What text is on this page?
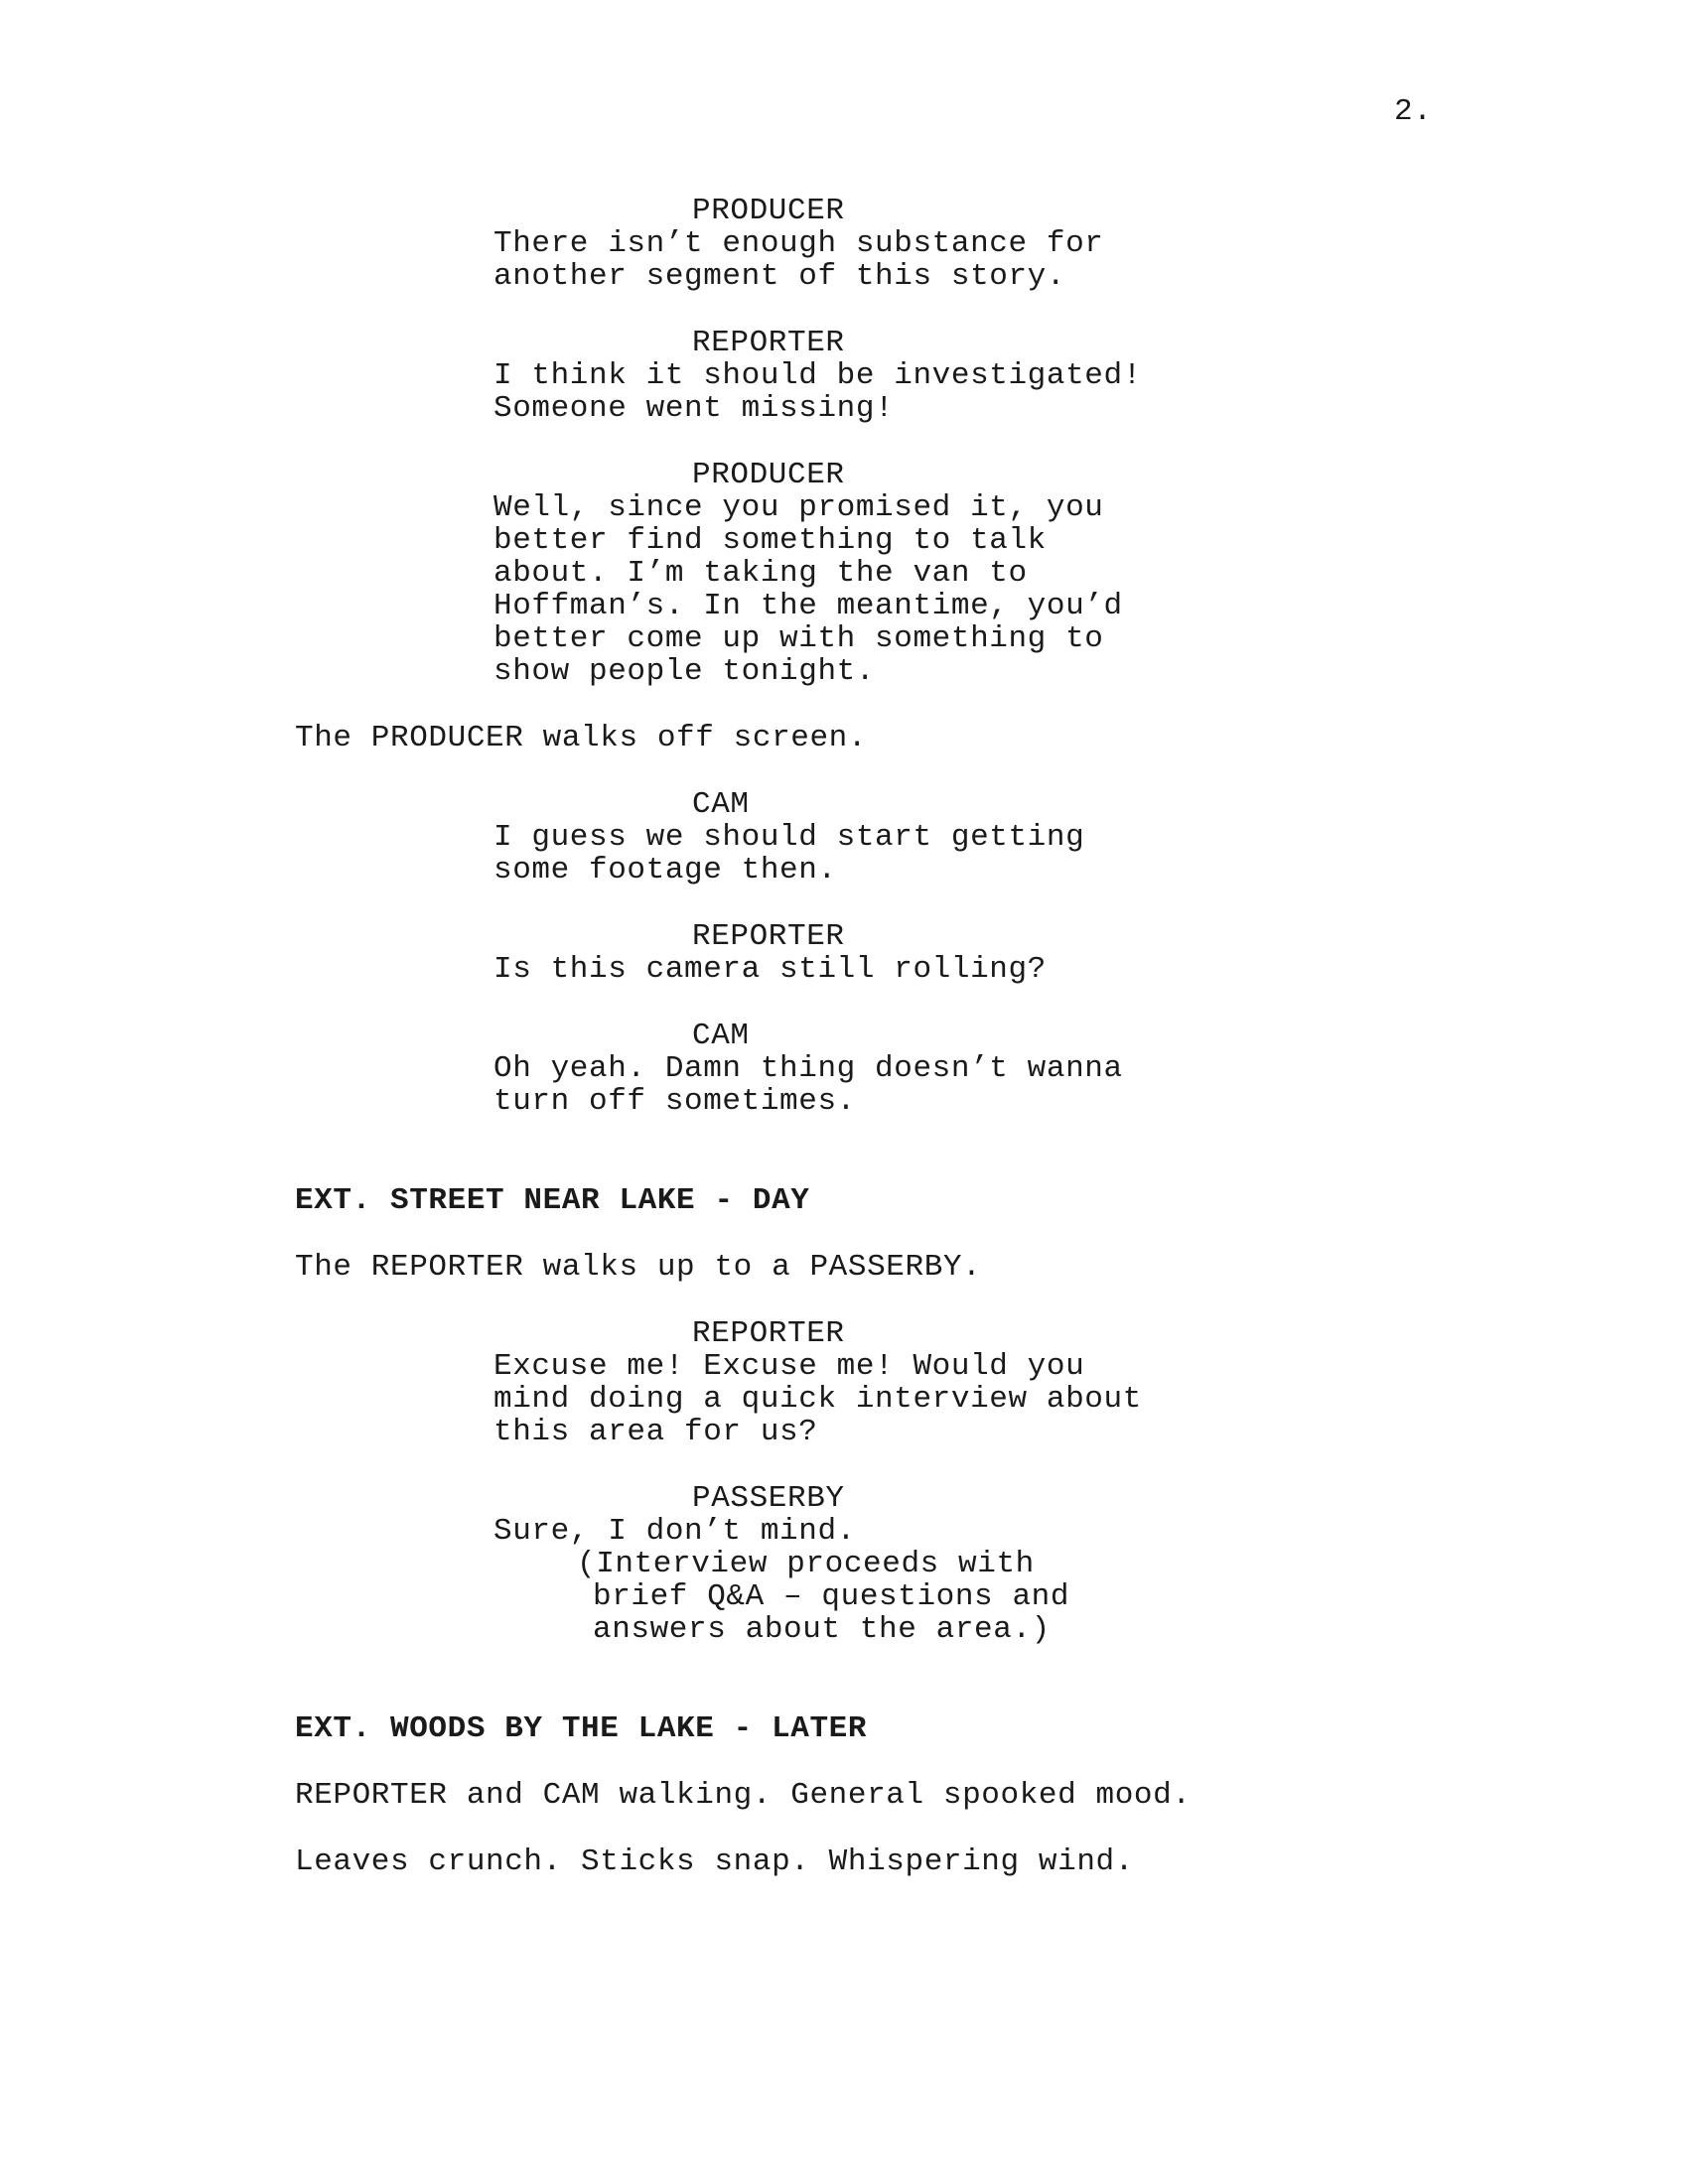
2.
PRODUCER
There isn’t enough substance for
another segment of this story.
REPORTER
I think it should be investigated!
Someone went missing!
PRODUCER
Well, since you promised it, you
better find something to talk
about. I’m taking the van to
Hoffman’s. In the meantime, you’d
better come up with something to
show people tonight.
The PRODUCER walks off screen.
CAM
I guess we should start getting
some footage then.
REPORTER
Is this camera still rolling?
CAM
Oh yeah. Damn thing doesn’t wanna
turn off sometimes.
EXT. STREET NEAR LAKE - DAY
The REPORTER walks up to a PASSERBY.
REPORTER
Excuse me! Excuse me! Would you
mind doing a quick interview about
this area for us?
PASSERBY
Sure, I don’t mind.
(Interview proceeds with
brief Q&A – questions and
answers about the area.)
EXT. WOODS BY THE LAKE - LATER
REPORTER and CAM walking. General spooked mood.
Leaves crunch. Sticks snap. Whispering wind.
